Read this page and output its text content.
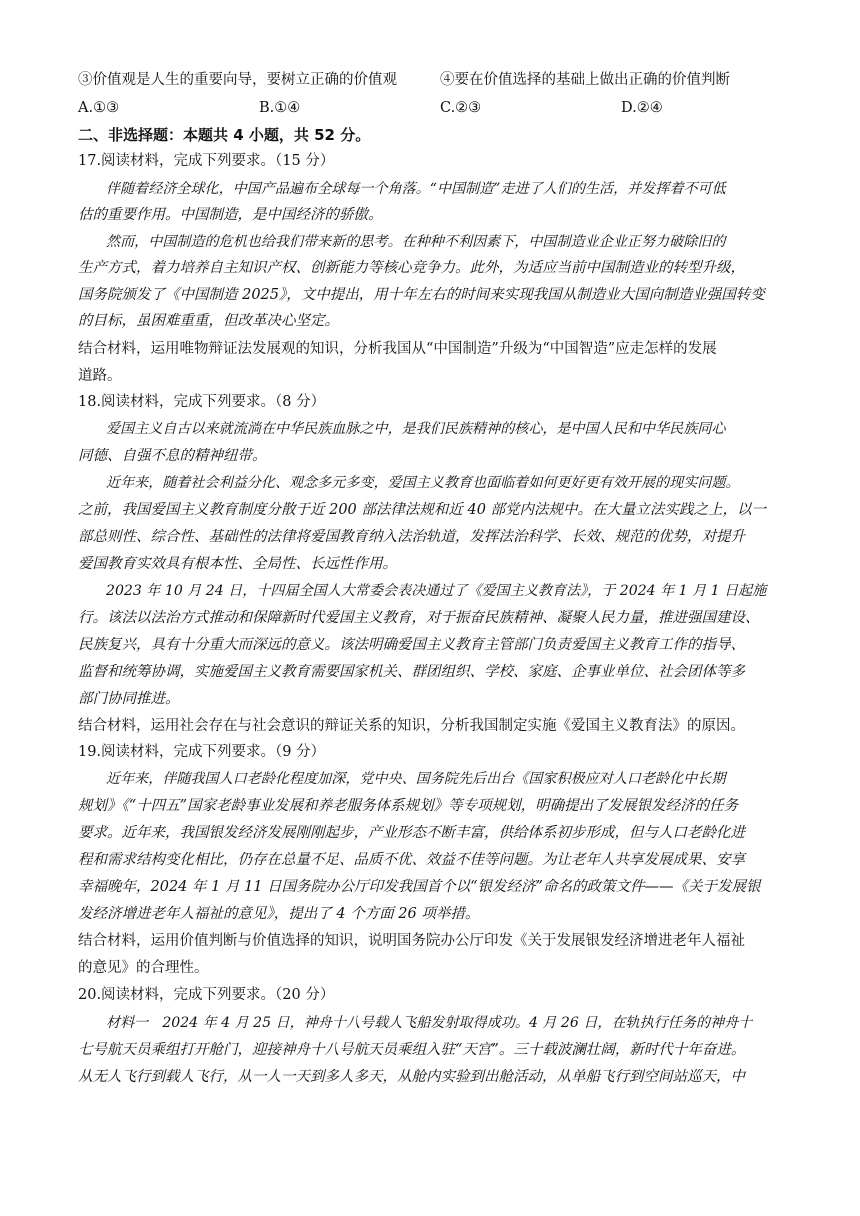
③价值观是人生的重要向导，要树立正确的价值观	④要在价值选择的基础上做出正确的价值判断
A.①③	B.①④	C.②③	D.②④
二、非选择题：本题共 4 小题，共 52 分。
17.阅读材料，完成下列要求。（15 分）
伴随着经济全球化，中国产品遍布全球每一个角落。“中国制造”走进了人们的生活，并发挥着不可低
估的重要作用。中国制造，是中国经济的骄傲。
然而，中国制造的危机也给我们带来新的思考。在种种不利因素下，中国制造业企业正努力破除旧的
生产方式，着力培养自主知识产权、创新能力等核心竞争力。此外，为适应当前中国制造业的转型升级，
国务院颁发了《中国制造 2025》，文中提出，用十年左右的时间来实现我国从制造业大国向制造业强国转变
的目标，虽困难重重，但改革决心坚定。
结合材料，运用唯物辩证法发展观的知识，分析我国从“中国制造”升级为“中国智造”应走怎样的发展
道路。
18.阅读材料，完成下列要求。（8 分）
爱国主义自古以来就流淌在中华民族血脉之中，是我们民族精神的核心，是中国人民和中华民族同心
同德、自强不息的精神纽带。
近年来，随着社会利益分化、观念多元多变，爱国主义教育也面临着如何更好更有效开展的现实问题。
之前，我国爱国主义教育制度分散于近 200 部法律法规和近 40 部党内法规中。在大量立法实践之上，以一
部总则性、综合性、基础性的法律将爱国教育纳入法治轨道，发挥法治科学、长效、规范的优势，对提升
爱国教育实效具有根本性、全局性、长远性作用。
2023 年 10 月 24 日，十四届全国人大常委会表决通过了《爱国主义教育法》，于 2024 年 1 月 1 日起施
行。该法以法治方式推动和保障新时代爱国主义教育，对于振奋民族精神、凝聚人民力量，推进强国建设、
民族复兴，具有十分重大而深远的意义。该法明确爱国主义教育主管部门负责爱国主义教育工作的指导、
监督和统筹协调，实施爱国主义教育需要国家机关、群团组织、学校、家庭、企事业单位、社会团体等多
部门协同推进。
结合材料，运用社会存在与社会意识的辩证关系的知识，分析我国制定实施《爱国主义教育法》的原因。
19.阅读材料，完成下列要求。（9 分）
近年来，伴随我国人口老龄化程度加深，党中央、国务院先后出台《国家积极应对人口老龄化中长期
规划》《“十四五”国家老龄事业发展和养老服务体系规划》等专项规划，明确提出了发展银发经济的任务
要求。近年来，我国银发经济发展刚刚起步，产业形态不断丰富，供给体系初步形成，但与人口老龄化进
程和需求结构变化相比，仍存在总量不足、品质不优、效益不佳等问题。为让老年人共享发展成果、安享
幸福晚年，2024 年 1 月 11 日国务院办公厅印发我国首个以“银发经济”命名的政策文件——《关于发展银
发经济增进老年人福祉的意见》，提出了 4 个方面 26 项举措。
结合材料，运用价值判断与价值选择的知识，说明国务院办公厅印发《关于发展银发经济增进老年人福祉
的意见》的合理性。
20.阅读材料，完成下列要求。（20 分）
材料一　2024 年 4 月 25 日，神舟十八号载人飞船发射取得成功。4 月 26 日，在轨执行任务的神舟十
七号航天员乘组打开舱门，迎接神舟十八号航天员乘组入驻“天宫”。三十载波澜壮阔，新时代十年奋进。
从无人飞行到载人飞行，从一人一天到多人多天，从舱内实验到出舱活动，从单船飞行到空间站巡天，中
